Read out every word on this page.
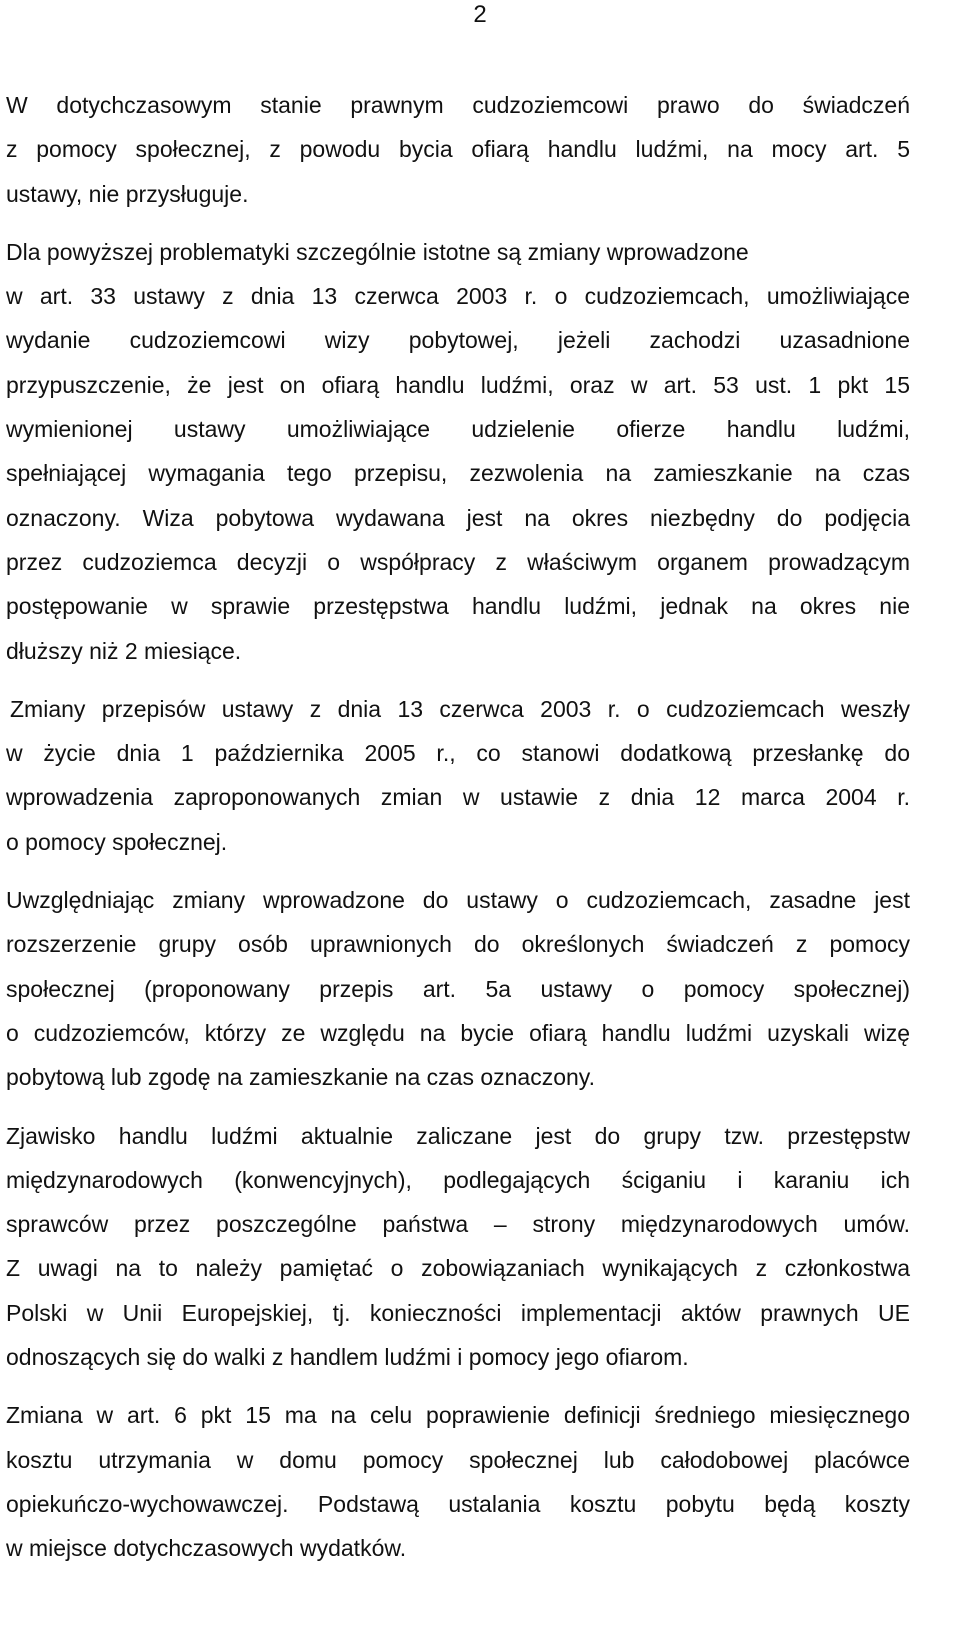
2

W dotychczasowym stanie prawnym cudzoziemcowi prawo do świadczeń
z pomocy społecznej, z powodu bycia ofiarą handlu ludźmi, na mocy art. 5
ustawy, nie przysługuje.

Dla powyższej problematyki szczególnie istotne są zmiany wprowadzone
w art. 33 ustawy z dnia 13 czerwca 2003 r. o cudzoziemcach, umożliwiające
wydanie cudzoziemcowi wizy pobytowej, jeżeli zachodzi uzasadnione
przypuszczenie, że jest on ofiarą handlu ludźmi, oraz w art. 53 ust. 1 pkt 15
wymienionej ustawy umożliwiające udzielenie ofierze handlu ludźmi,
spełniającej wymagania tego przepisu, zezwolenia na zamieszkanie na czas
oznaczony. Wiza pobytowa wydawana jest na okres niezbędny do podjęcia
przez cudzoziemca decyzji o współpracy z właściwym organem prowadzącym
postępowanie w sprawie przestępstwa handlu ludźmi, jednak na okres nie
dłuższy niż 2 miesiące.

Zmiany przepisów ustawy z dnia 13 czerwca 2003 r. o cudzoziemcach weszły
w życie dnia 1 października 2005 r., co stanowi dodatkową przesłankę do
wprowadzenia zaproponowanych zmian w ustawie z dnia 12 marca 2004 r.
o pomocy społecznej.

Uwzględniając zmiany wprowadzone do ustawy o cudzoziemcach, zasadne jest
rozszerzenie grupy osób uprawnionych do określonych świadczeń z pomocy
społecznej (proponowany przepis art. 5a ustawy o pomocy społecznej)
o cudzoziemców, którzy ze względu na bycie ofiarą handlu ludźmi uzyskali wizę
pobytową lub zgodę na zamieszkanie na czas oznaczony.

Zjawisko handlu ludźmi aktualnie zaliczane jest do grupy tzw. przestępstw
międzynarodowych (konwencyjnych), podlegających ściganiu i karaniu ich
sprawców przez poszczególne państwa – strony międzynarodowych umów.
Z uwagi na to należy pamiętać o zobowiązaniach wynikających z członkostwa
Polski w Unii Europejskiej, tj. konieczności implementacji aktów prawnych UE
odnoszących się do walki z handlem ludźmi i pomocy jego ofiarom.

Zmiana w art. 6 pkt 15 ma na celu poprawienie definicji średniego miesięcznego
kosztu utrzymania w domu pomocy społecznej lub całodobowej placówce
opiekuńczo-wychowawczej. Podstawą ustalania kosztu pobytu będą koszty
w miejsce dotychczasowych wydatków.
